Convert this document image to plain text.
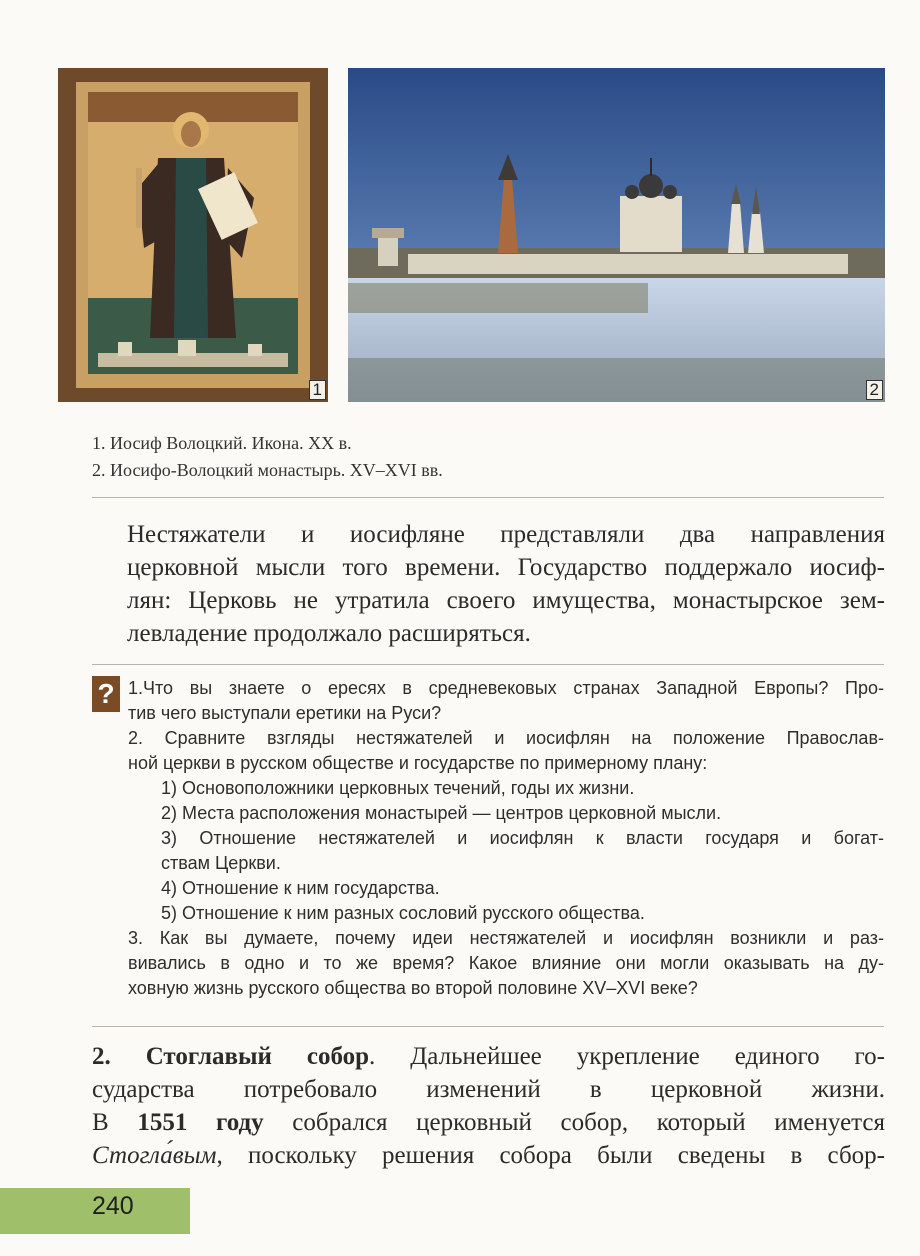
1	2
1. Иосиф Волоцкий. Икона. XX в.
2. Иосифо-Волоцкий монастырь. XV–XVI вв.
Нестяжатели и иосифляне представляли два направления
церковной мысли того времени. Государство поддержало иосиф-
лян: Церковь не утратила своего имущества, монастырское зем-
левладение продолжало расширяться.
? 1.Что вы знаете о ересях в средневековых странах Западной Европы? Про-
тив чего выступали еретики на Руси?
2. Сравните взгляды нестяжателей и иосифлян на положение Православ-
ной церкви в русском обществе и государстве по примерному плану:
1) Основоположники церковных течений, годы их жизни.
2) Места расположения монастырей — центров церковной мысли.
3) Отношение нестяжателей и иосифлян к власти государя и богат-
ствам Церкви.
4) Отношение к ним государства.
5) Отношение к ним разных сословий русского общества.
3. Как вы думаете, почему идеи нестяжателей и иосифлян возникли и раз-
вивались в одно и то же время? Какое влияние они могли оказывать на ду-
ховную жизнь русского общества во второй половине XV–XVI веке?
2. Стоглавый собор. Дальнейшее укрепление единого го-
сударства потребовало изменений в церковной жизни.
В 1551 году собрался церковный собор, который именуется
Стогла́вым, поскольку решения собора были сведены в сбор-
240
